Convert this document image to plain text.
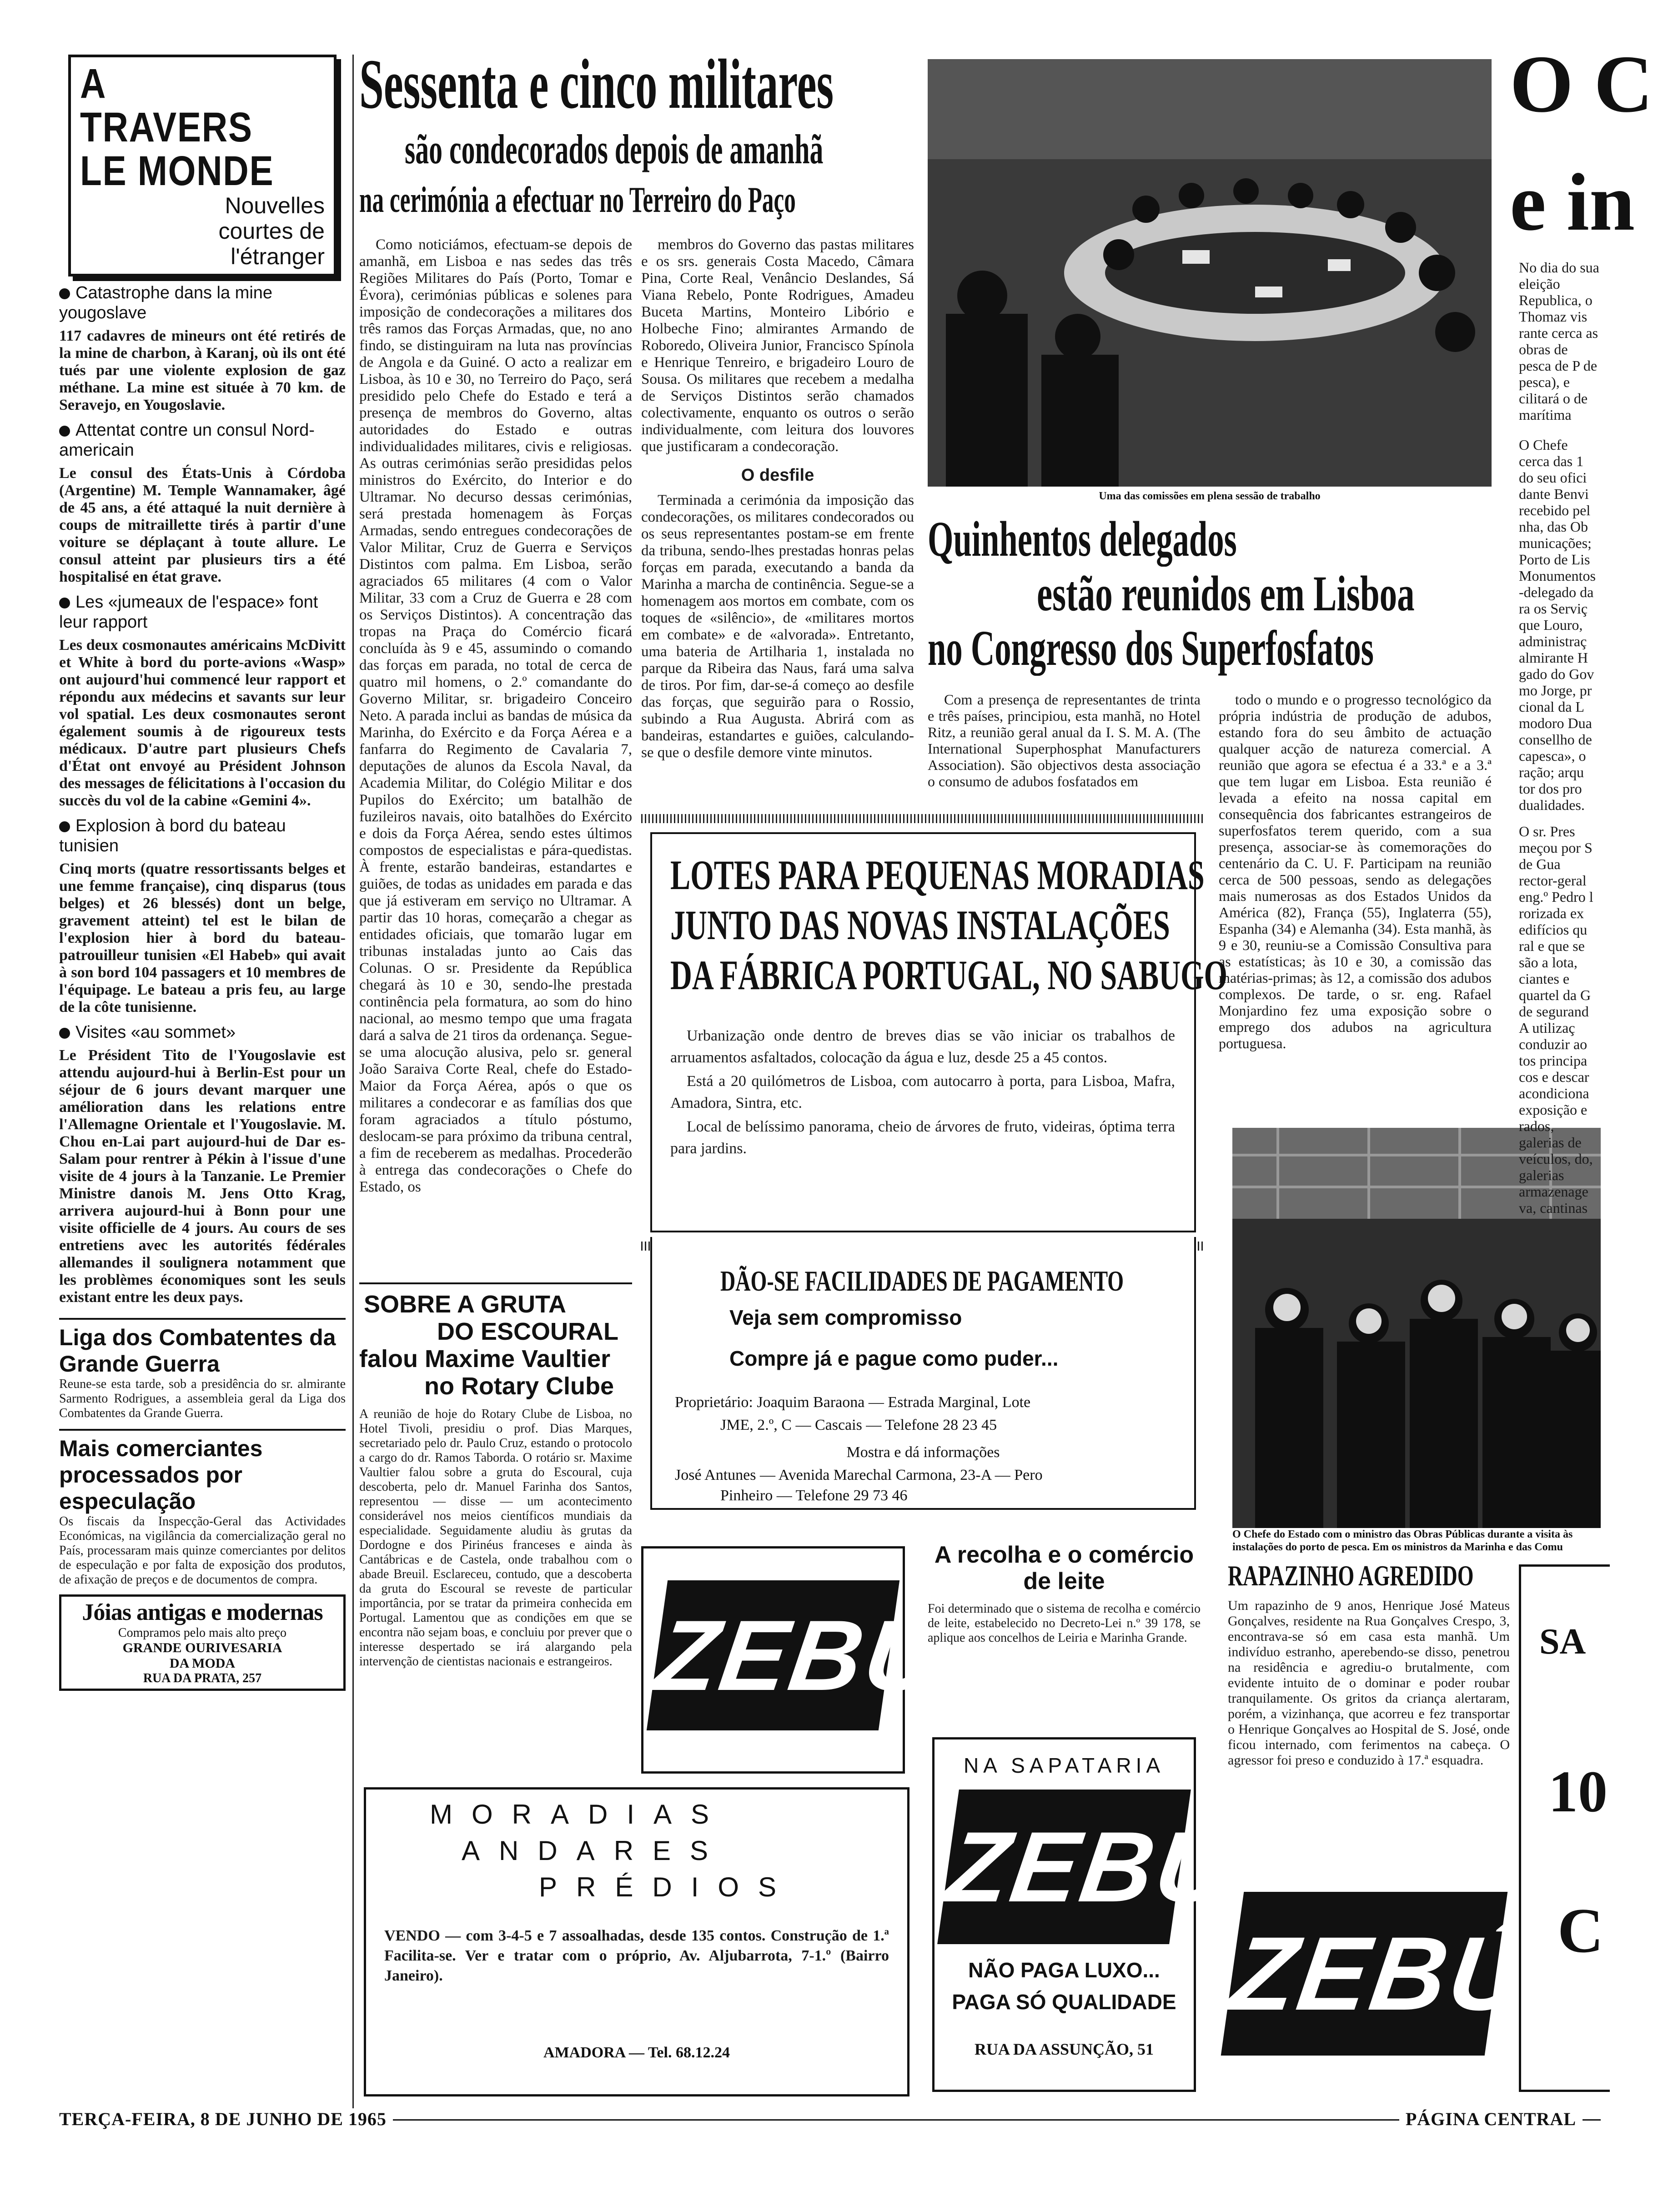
A TRAVERS
LE MONDE
Nouvelles courtes de l'étranger
Catastrophe dans la mine yougoslave
117 cadavres de mineurs ont été retirés de la mine de charbon, à Karanj, où ils ont été tués par une violente explosion de gaz méthane. La mine est située à 70 km. de Seravejo, en Yougoslavie.
Attentat contre un consul Nord-americain
Le consul des États-Unis à Córdoba (Argentine) M. Temple Wannamaker, âgé de 45 ans, a été attaqué la nuit dernière à coups de mitraillette tirés à partir d'une voiture se déplaçant à toute allure. Le consul atteint par plusieurs tirs a été hospitalisé en état grave.
Les «jumeaux de l'espace» font leur rapport
Les deux cosmonautes américains McDivitt et White à bord du porte-avions «Wasp» ont aujourd'hui commencé leur rapport et répondu aux médecins et savants sur leur vol spatial. Les deux cosmonautes seront également soumis à de rigoureux tests médicaux. D'autre part plusieurs Chefs d'État ont envoyé au Président Johnson des messages de félicitations à l'occasion du succès du vol de la cabine «Gemini 4».
Explosion à bord du bateau tunisien
Cinq morts (quatre ressortissants belges et une femme française), cinq disparus (tous belges) et 26 blessés) dont un belge, gravement atteint) tel est le bilan de l'explosion hier à bord du bateau-patrouilleur tunisien «El Habeb» qui avait à son bord 104 passagers et 10 membres de l'équipage. Le bateau a pris feu, au large de la côte tunisienne.
Visites «au sommet»
Le Président Tito de l'Yougoslavie est attendu aujourd-hui à Berlin-Est pour un séjour de 6 jours devant marquer une amélioration dans les relations entre l'Allemagne Orientale et l'Yougoslavie. M. Chou en-Lai part aujourd-hui de Dar es-Salam pour rentrer à Pékin à l'issue d'une visite de 4 jours à la Tanzanie. Le Premier Ministre danois M. Jens Otto Krag, arrivera aujourd-hui à Bonn pour une visite officielle de 4 jours. Au cours de ses entretiens avec les autorités fédérales allemandes il soulignera notamment que les problèmes économiques sont les seuls existant entre les deux pays.
Liga dos Combatentes da Grande Guerra
Reune-se esta tarde, sob a presidência do sr. almirante Sarmento Rodrigues, a assembleia geral da Liga dos Combatentes da Grande Guerra.
Mais comerciantes processados por especulação
Os fiscais da Inspecção-Geral das Actividades Económicas, na vigilância da comercialização geral no País, processaram mais quinze comerciantes por delitos de especulação e por falta de exposição dos produtos, de afixação de preços e de documentos de compra.
Jóias antigas e modernas
Compramos pelo mais alto preço
GRANDE OURIVESARIA
DA MODA
RUA DA PRATA, 257
Sessenta e cinco militares
são condecorados depois de amanhã
na cerimónia a efectuar no Terreiro do Paço

Como noticiámos, efectuam-se depois de amanhã, em Lisboa e nas sedes das três Regiões Militares do País (Porto, Tomar e Évora), cerimónias públicas e solenes para imposição de condecorações a militares dos três ramos das Forças Armadas, que, no ano findo, se distinguiram na luta nas províncias de Angola e da Guiné. O acto a realizar em Lisboa, às 10 e 30, no Terreiro do Paço, será presidido pelo Chefe do Estado e terá a presença de membros do Governo, altas autoridades do Estado e outras individualidades militares, civis e religiosas. As outras cerimónias serão presididas pelos ministros do Exército, do Interior e do Ultramar. No decurso dessas cerimónias, será prestada homenagem às Forças Armadas, sendo entregues condecorações de Valor Militar, Cruz de Guerra e Serviços Distintos com palma. Em Lisboa, serão agraciados 65 militares (4 com o Valor Militar, 33 com a Cruz de Guerra e 28 com os Serviços Distintos). A concentração das tropas na Praça do Comércio ficará concluída às 9 e 45, assumindo o comando das forças em parada, no total de cerca de quatro mil homens, o 2.º comandante do Governo Militar, sr. brigadeiro Conceiro Neto. A parada inclui as bandas de música da Marinha, do Exército e da Força Aérea e a fanfarra do Regimento de Cavalaria 7, deputações de alunos da Escola Naval, da Academia Militar, do Colégio Militar e dos Pupilos do Exército; um batalhão de fuzileiros navais, oito batalhões do Exército e dois da Força Aérea, sendo estes últimos compostos de especialistas e pára-quedistas. À frente, estarão bandeiras, estandartes e guiões, de todas as unidades em parada e das que já estiveram em serviço no Ultramar. A partir das 10 horas, começarão a chegar as entidades oficiais, que tomarão lugar em tribunas instaladas junto ao Cais das Colunas. O sr. Presidente da República chegará às 10 e 30, sendo-lhe prestada continência pela formatura, ao som do hino nacional, ao mesmo tempo que uma fragata dará a salva de 21 tiros da ordenança. Segue-se uma alocução alusiva, pelo sr. general João Saraiva Corte Real, chefe do Estado-Maior da Força Aérea, após o que os militares a condecorar e as famílias dos que foram agraciados a título póstumo, deslocam-se para próximo da tribuna central, a fim de receberem as medalhas. Procederão à entrega das condecorações o Chefe do Estado, os

membros do Governo das pastas militares e os srs. generais Costa Macedo, Câmara Pina, Corte Real, Venâncio Deslandes, Sá Viana Rebelo, Ponte Rodrigues, Amadeu Buceta Martins, Monteiro Libório e Holbeche Fino; almirantes Armando de Roboredo, Oliveira Junior, Francisco Spínola e Henrique Tenreiro, e brigadeiro Louro de Sousa. Os militares que recebem a medalha de Serviços Distintos serão chamados colectivamente, enquanto os outros o serão individualmente, com leitura dos louvores que justificaram a condecoração.

O desfile

Terminada a cerimónia da imposição das condecorações, os militares condecorados ou os seus representantes postam-se em frente da tribuna, sendo-lhes prestadas honras pelas forças em parada, executando a banda da Marinha a marcha de continência. Segue-se a homenagem aos mortos em combate, com os toques de «silêncio», de «militares mortos em combate» e de «alvorada». Entretanto, uma bateria de Artilharia 1, instalada no parque da Ribeira das Naus, fará uma salva de tiros. Por fim, dar-se-á começo ao desfile das forças, que seguirão para o Rossio, subindo a Rua Augusta. Abrirá com as bandeiras, estandartes e guiões, calculando-se que o desfile demore vinte minutos.

Uma das comissões em plena sessão de trabalho
Quinhentos delegados
estão reunidos em Lisboa
no Congresso dos Superfosfatos

Com a presença de representantes de trinta e três países, principiou, esta manhã, no Hotel Ritz, a reunião geral anual da I. S. M. A. (The International Superphosphat Manufacturers Association). São objectivos desta associação o consumo de adubos fosfatados em

todo o mundo e o progresso tecnológico da própria indústria de produção de adubos, estando fora do seu âmbito de actuação qualquer acção de natureza comercial. A reunião que agora se efectua é a 33.ª e a 3.ª que tem lugar em Lisboa. Esta reunião é levada a efeito na nossa capital em consequência dos fabricantes estrangeiros de superfosfatos terem querido, com a sua presença, associar-se às comemorações do centenário da C. U. F. Participam na reunião cerca de 500 pessoas, sendo as delegações mais numerosas as dos Estados Unidos da América (82), França (55), Inglaterra (55), Espanha (34) e Alemanha (34). Esta manhã, às 9 e 30, reuniu-se a Comissão Consultiva para as estatísticas; às 10 e 30, a comissão das matérias-primas; às 12, a comissão dos adubos complexos. De tarde, o sr. eng. Rafael Monjardino fez uma exposição sobre o emprego dos adubos na agricultura portuguesa.

LOTES PARA PEQUENAS MORADIAS
JUNTO DAS NOVAS INSTALAÇÕES
DA FÁBRICA PORTUGAL, NO SABUGO

Urbanização onde dentro de breves dias se vão iniciar os trabalhos de arruamentos asfaltados, colocação da água e luz, desde 25 a 45 contos.

Está a 20 quilómetros de Lisboa, com autocarro à porta, para Lisboa, Mafra, Amadora, Sintra, etc.

Local de belíssimo panorama, cheio de árvores de fruto, videiras, óptima terra para jardins.

DÃO-SE FACILIDADES DE PAGAMENTO
Veja sem compromisso
Compre já e pague como puder...
Proprietário: Joaquim Baraona — Estrada Marginal, Lote
JME, 2.º, C — Cascais — Telefone 28 23 45
Mostra e dá informações
José Antunes — Avenida Marechal Carmona, 23-A — Pero
Pinheiro — Telefone 29 73 46
SOBRE A GRUTA
DO ESCOURAL
falou Maxime Vaultier
no Rotary Clube
A reunião de hoje do Rotary Clube de Lisboa, no Hotel Tivoli, presidiu o prof. Dias Marques, secretariado pelo dr. Paulo Cruz, estando o protocolo a cargo do dr. Ramos Taborda. O rotário sr. Maxime Vaultier falou sobre a gruta do Escoural, cuja descoberta, pelo dr. Manuel Farinha dos Santos, representou — disse — um acontecimento considerável nos meios científicos mundiais da especialidade. Seguidamente aludiu às grutas da Dordogne e dos Pirinéus franceses e ainda às Cantábricas e de Castela, onde trabalhou com o abade Breuil. Esclareceu, contudo, que a descoberta da gruta do Escoural se reveste de particular importância, por se tratar da primeira conhecida em Portugal. Lamentou que as condições em que se encontra não sejam boas, e concluiu por prever que o interesse despertado se irá alargando pela intervenção de cientistas nacionais e estrangeiros. ZEBÚ
A recolha e o comércio de leite
Foi determinado que o sistema de recolha e comércio de leite, estabelecido no Decreto-Lei n.º 39 178, se aplique aos concelhos de Leiria e Marinha Grande.
NA SAPATARIA
ZEBÚ
NÃO PAGA LUXO...
PAGA SÓ QUALIDADE
RUA DA ASSUNÇÃO, 51
MORADIAS
ANDARES
PRÉDIOS
VENDO — com 3-4-5 e 7 assoalhadas, desde 135 contos. Construção de 1.ª Facilita-se. Ver e tratar com o próprio, Av. Aljubarrota, 7-1.º (Bairro Janeiro).
AMADORA — Tel. 68.12.24
O Chefe do Estado com o ministro das Obras Públicas durante a visita às instalações do porto de pesca. Em os ministros da Marinha e das Comu
RAPAZINHO AGREDIDO
Um rapazinho de 9 anos, Henrique José Mateus Gonçalves, residente na Rua Gonçalves Crespo, 3, encontrava-se só em casa esta manhã. Um indivíduo estranho, aperebendo-se disso, penetrou na residência e agrediu-o brutalmente, com evidente intuito de o dominar e poder roubar tranquilamente. Os gritos da criança alertaram, porém, a vizinhança, que acorreu e fez transportar o Henrique Gonçalves ao Hospital de S. José, onde ficou internado, com ferimentos na cabeça. O agressor foi preso e conduzido à 17.ª esquadra.
ZEBÚ
O C
e in
No dia do sua eleição Republica, o Thomaz vis rante cerca as obras de pesca de P de pesca), e cilitará o de marítima
O Chefe cerca das 1 do seu ofici dante Benvi recebido pel nha, das Ob municações; Porto de Lis Monumentos -delegado da ra os Serviç que Louro, administraç almirante H gado do Gov mo Jorge, pr cional da L modoro Dua consellho de capesca», o ração; arqu tor dos pro dualidades.
O sr. Pres meçou por S de Gua rector-geral eng.º Pedro l rorizada ex edifícios qu ral e que se são a lota, ciantes e quartel da G de segurand A utilizaç conduzir ao tos principa cos e descar acondiciona exposição e rados, galerias de veículos, do, galerias armazenage va, cantinas
SA
10
C
TERÇA-FEIRA, 8 DE JUNHO DE 1965	PÁGINA CENTRAL
